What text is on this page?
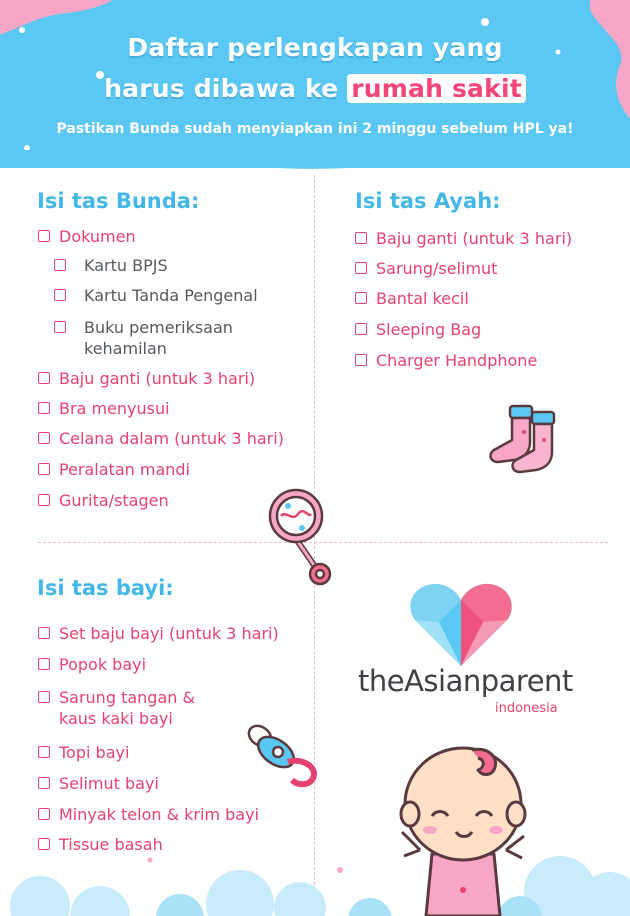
Daftar perlengkapan yang
harus dibawa ke rumah sakit
Pastikan Bunda sudah menyiapkan ini 2 minggu sebelum HPL ya!
Isi tas Bunda:
Dokumen
Kartu BPJS
Kartu Tanda Pengenal
Buku pemeriksaan
kehamilan
Baju ganti (untuk 3 hari)
Bra menyusui
Celana dalam (untuk 3 hari)
Peralatan mandi
Gurita/stagen
Isi tas Ayah:
Baju ganti (untuk 3 hari)
Sarung/selimut
Bantal kecil
Sleeping Bag
Charger Handphone
Isi tas bayi:
Set baju bayi (untuk 3 hari)
Popok bayi
Sarung tangan &
kaus kaki bayi
Topi bayi
Selimut bayi
Minyak telon & krim bayi
Tissue basah
theAsianparent
indonesia
